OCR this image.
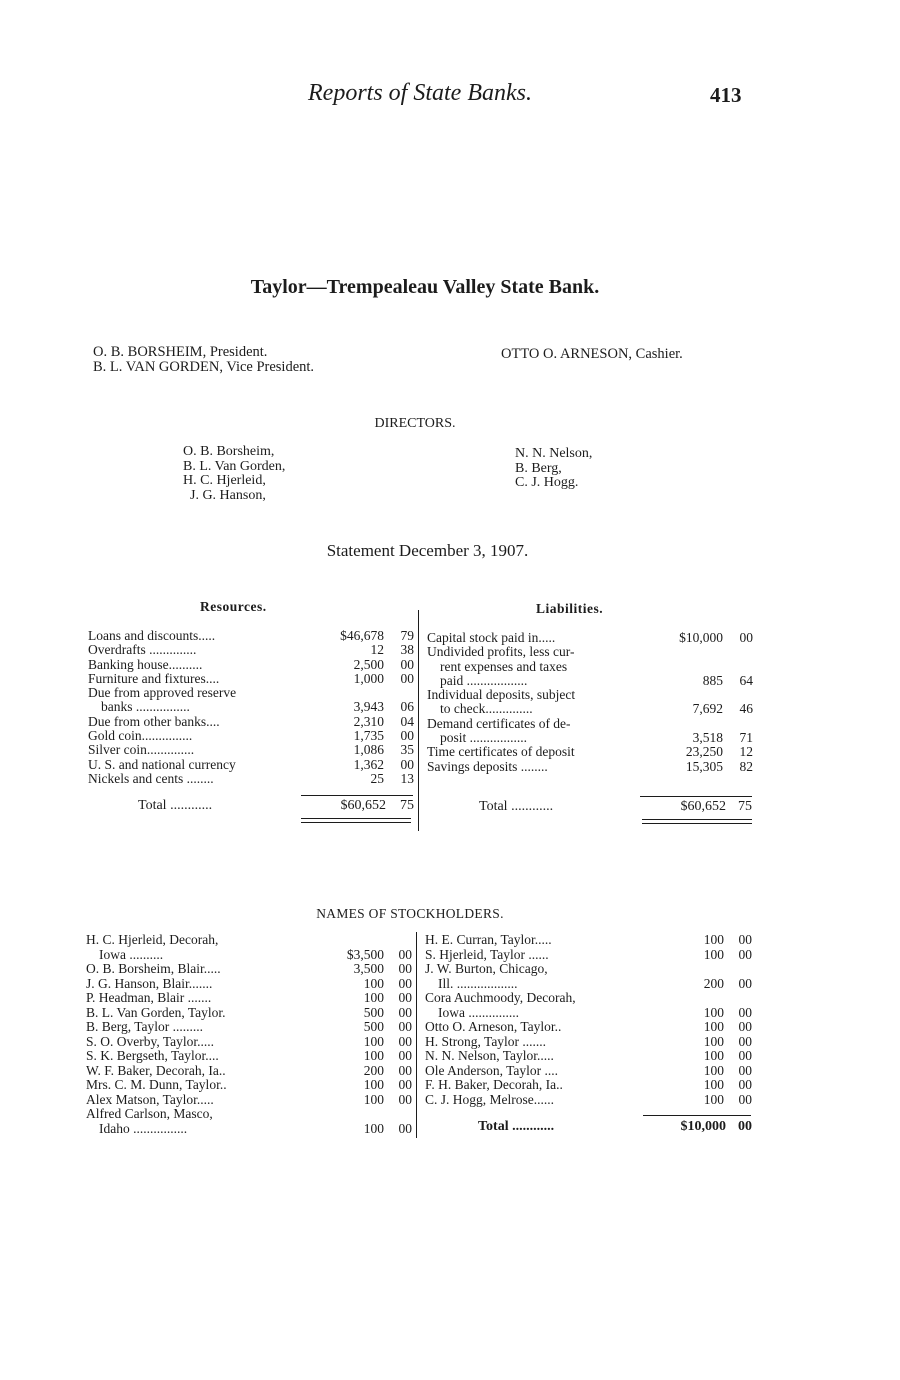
Reports of State Banks.	413
Taylor—Trempealeau Valley State Bank.
O. B. BORSHEIM, President.
B. L. VAN GORDEN, Vice President.
OTTO O. ARNESON, Cashier.
DIRECTORS.
O. B. Borsheim,
B. L. Van Gorden,
H. C. Hjerleid,
J. G. Hanson,
N. N. Nelson,
B. Berg,
C. J. Hogg.
Statement December 3, 1907.
Resources.	Liabilities.
Loans and discounts.....	$46,678	79
Overdrafts ..............	12	38
Banking house..........	2,500	00
Furniture and fixtures....	1,000	00
Due from approved reserve		
banks ................	3,943	06
Due from other banks....	2,310	04
Gold coin...............	1,735	00
Silver coin..............	1,086	35
U. S. and national currency	1,362	00
Nickels and cents ........	25	13
Capital stock paid in.....	$10,000	00
Undivided profits, less cur-		
rent expenses and taxes		
paid ..................	885	64
Individual deposits, subject		
to check..............	7,692	46
Demand certificates of de-		
posit .................	3,518	71
Time certificates of deposit	23,250	12
Savings deposits ........	15,305	82
Total ............	$60,652	75	Total ............	$60,652 75
NAMES OF STOCKHOLDERS.
H. C. Hjerleid, Decorah,		
Iowa ..........	$3,500	00
O. B. Borsheim, Blair.....	3,500	00
J. G. Hanson, Blair.......	100	00
P. Headman, Blair .......	100	00
B. L. Van Gorden, Taylor.	500	00
B. Berg, Taylor .........	500	00
S. O. Overby, Taylor.....	100	00
S. K. Bergseth, Taylor....	100	00
W. F. Baker, Decorah, Ia..	200	00
Mrs. C. M. Dunn, Taylor..	100	00
Alex Matson, Taylor.....	100	00
Alfred Carlson, Masco,		
Idaho ................	100	00
H. E. Curran, Taylor.....	100	00
S. Hjerleid, Taylor ......	100	00
J. W. Burton, Chicago,		
Ill. ..................	200	00
Cora Auchmoody, Decorah,		
Iowa ...............	100	00
Otto O. Arneson, Taylor..	100	00
H. Strong, Taylor .......	100	00
N. N. Nelson, Taylor.....	100	00
Ole Anderson, Taylor ....	100	00
F. H. Baker, Decorah, Ia..	100	00
C. J. Hogg, Melrose......	100	00
Total ............	$10,000 00
